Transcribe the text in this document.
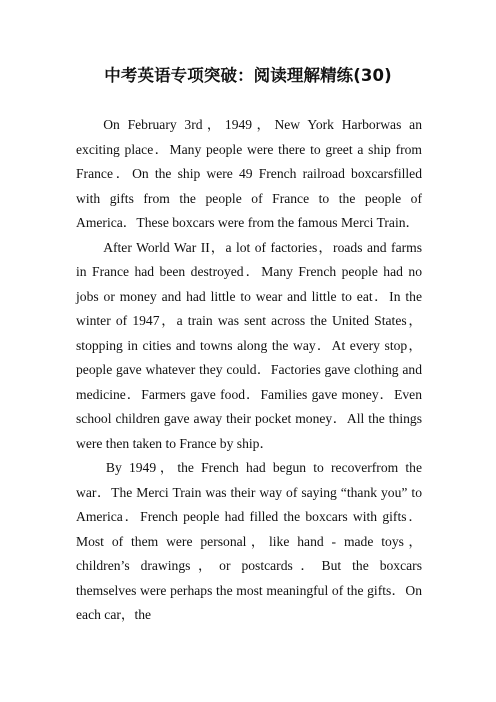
中考英语专项突破：阅读理解精练(30)

On February 3rd，1949，New York Harborwas an exciting place．Many people were there to greet a ship from France．On the ship were 49 French railroad boxcarsfilled with gifts from the people of France to the people of America．These boxcars were from the famous Merci Train．

After World War II，a lot of factories，roads and farms in France had been destroyed．Many French people had no jobs or money and had little to wear and little to eat．In the winter of 1947，a train was sent across the United States，stopping in cities and towns along the way．At every stop，people gave whatever they could．Factories gave clothing and medicine．Farmers gave food．Families gave money．Even school children gave away their pocket money．All the things were then taken to France by ship．

By 1949，the French had begun to recoverfrom the war．The Merci Train was their way of saying “thank you” to America．French people had filled the boxcars with gifts．Most of them were personal，like hand - made toys，children’s drawings，or postcards．But the boxcars themselves were perhaps the most meaningful of the gifts．On each car，the
